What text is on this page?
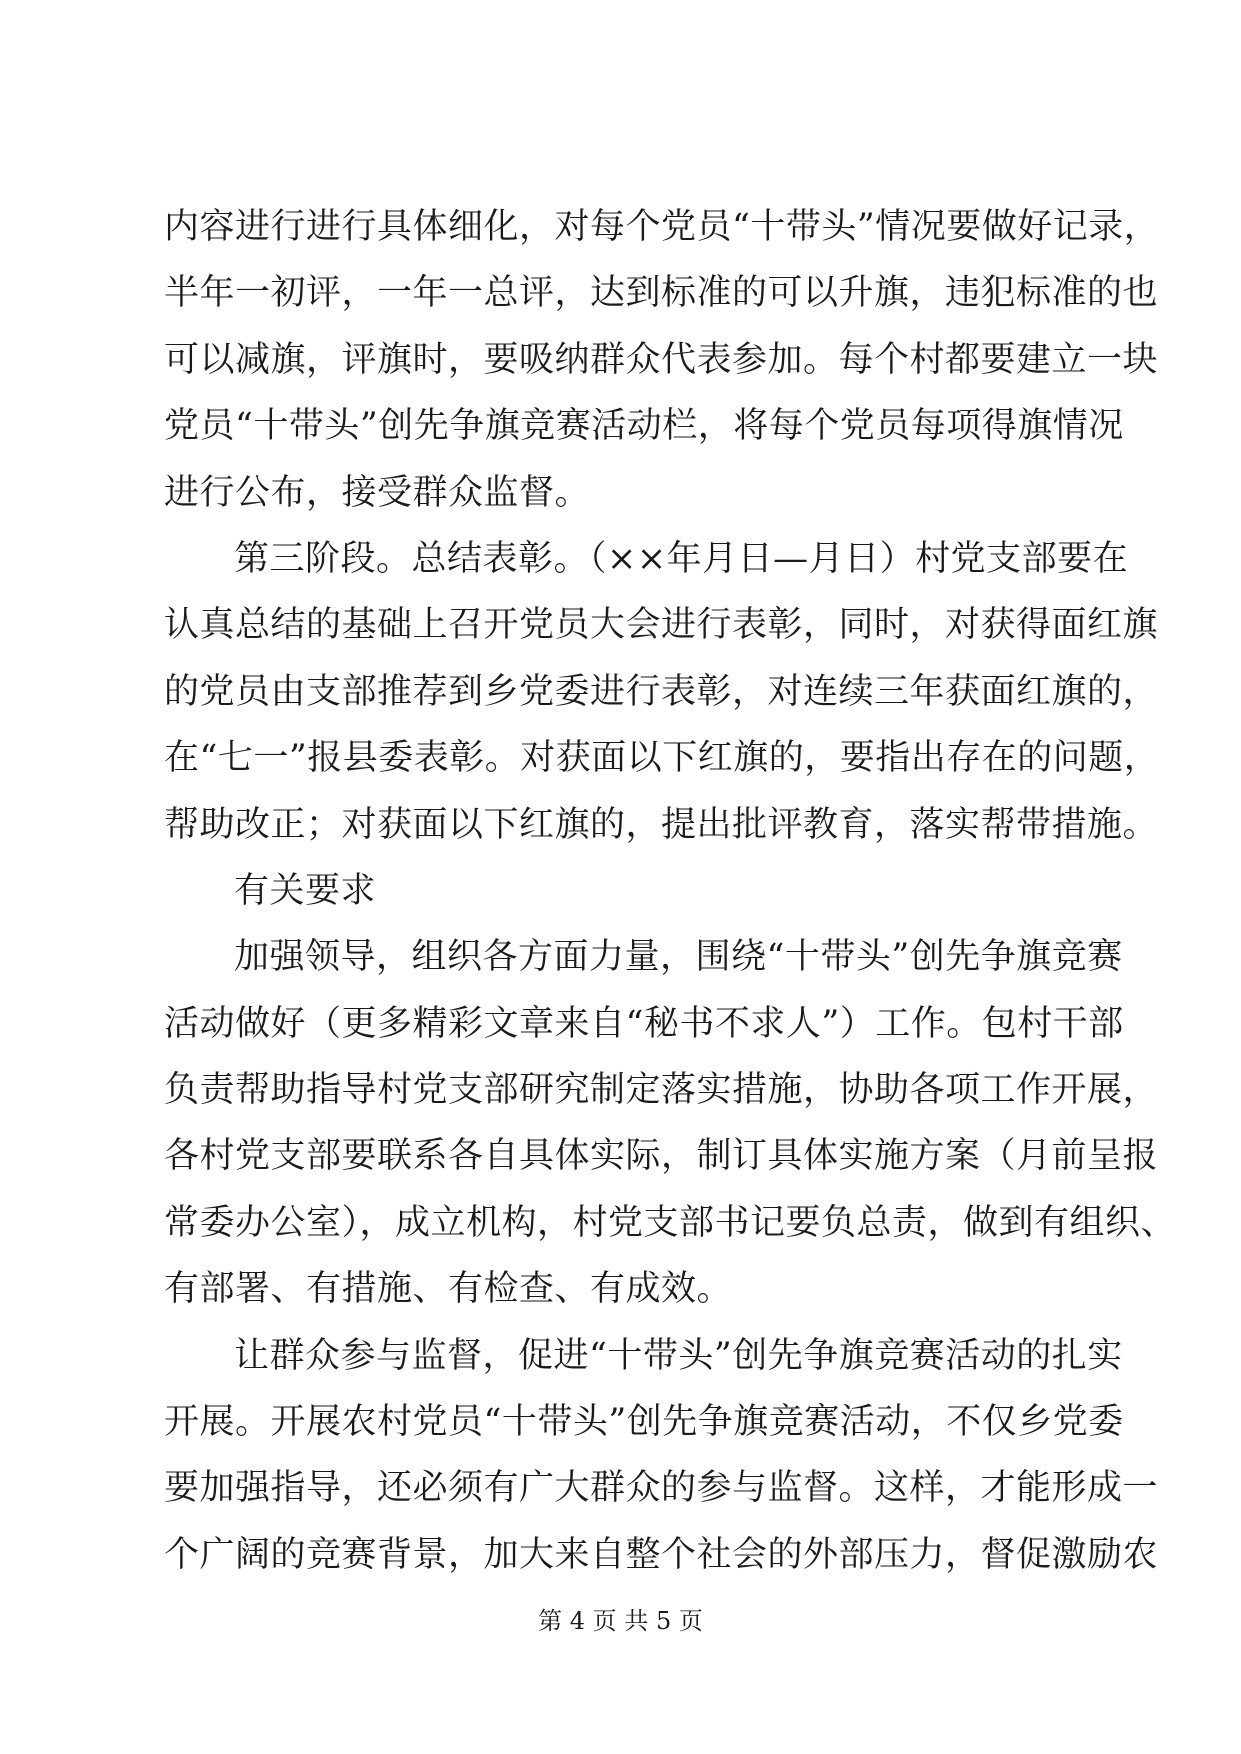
内容进行进行具体细化，对每个党员“十带头”情况要做好记录，
半年一初评，一年一总评，达到标准的可以升旗，违犯标准的也
可以减旗，评旗时，要吸纳群众代表参加。每个村都要建立一块
党员“十带头”创先争旗竞赛活动栏，将每个党员每项得旗情况
进行公布，接受群众监督。
第三阶段。总结表彰。（××年月日—月日）村党支部要在
认真总结的基础上召开党员大会进行表彰，同时，对获得面红旗
的党员由支部推荐到乡党委进行表彰，对连续三年获面红旗的，
在“七一”报县委表彰。对获面以下红旗的，要指出存在的问题，
帮助改正；对获面以下红旗的，提出批评教育，落实帮带措施。
有关要求
加强领导，组织各方面力量，围绕“十带头”创先争旗竞赛
活动做好（更多精彩文章来自“秘书不求人”）工作。包村干部
负责帮助指导村党支部研究制定落实措施，协助各项工作开展，
各村党支部要联系各自具体实际，制订具体实施方案（月前呈报
常委办公室），成立机构，村党支部书记要负总责，做到有组织、
有部署、有措施、有检查、有成效。
让群众参与监督，促进“十带头”创先争旗竞赛活动的扎实
开展。开展农村党员“十带头”创先争旗竞赛活动，不仅乡党委
要加强指导，还必须有广大群众的参与监督。这样，才能形成一
个广阔的竞赛背景，加大来自整个社会的外部压力，督促激励农
第 4 页 共 5 页
